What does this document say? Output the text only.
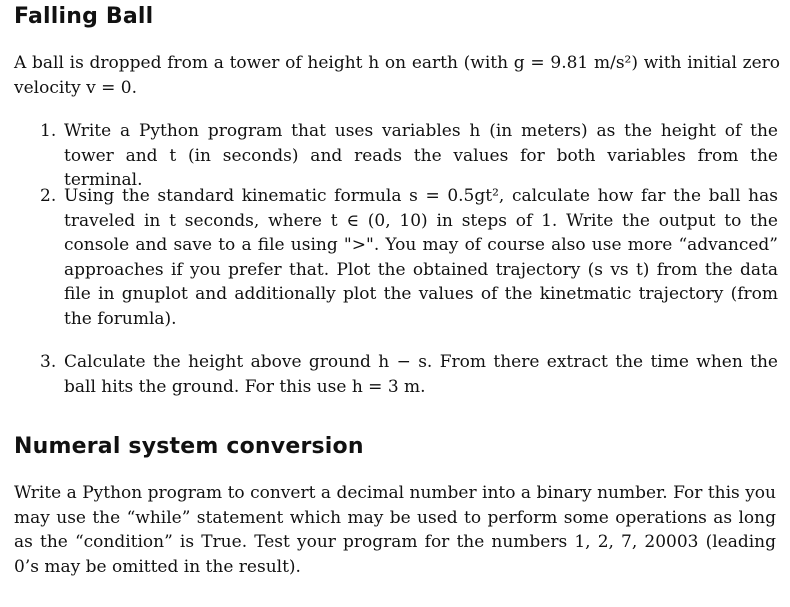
Falling Ball

A ball is dropped from a tower of height h on earth (with g = 9.81 m/s²) with initial zero velocity v = 0.

1. Write a Python program that uses variables h (in meters) as the height of the tower and t (in seconds) and reads the values for both variables from the terminal.

2. Using the standard kinematic formula s = 0.5gt², calculate how far the ball has traveled in t seconds, where t ∈ (0, 10) in steps of 1. Write the output to the console and save to a file using ">". You may of course also use more “advanced” approaches if you prefer that. Plot the obtained trajectory (s vs t) from the data file in gnuplot and additionally plot the values of the kinetmatic trajectory (from the forumla).

3. Calculate the height above ground h − s. From there extract the time when the ball hits the ground. For this use h = 3 m.

Numeral system conversion

Write a Python program to convert a decimal number into a binary number. For this you may use the “while” statement which may be used to perform some operations as long as the “condition” is True. Test your program for the numbers 1, 2, 7, 20003 (leading 0’s may be omitted in the result).
